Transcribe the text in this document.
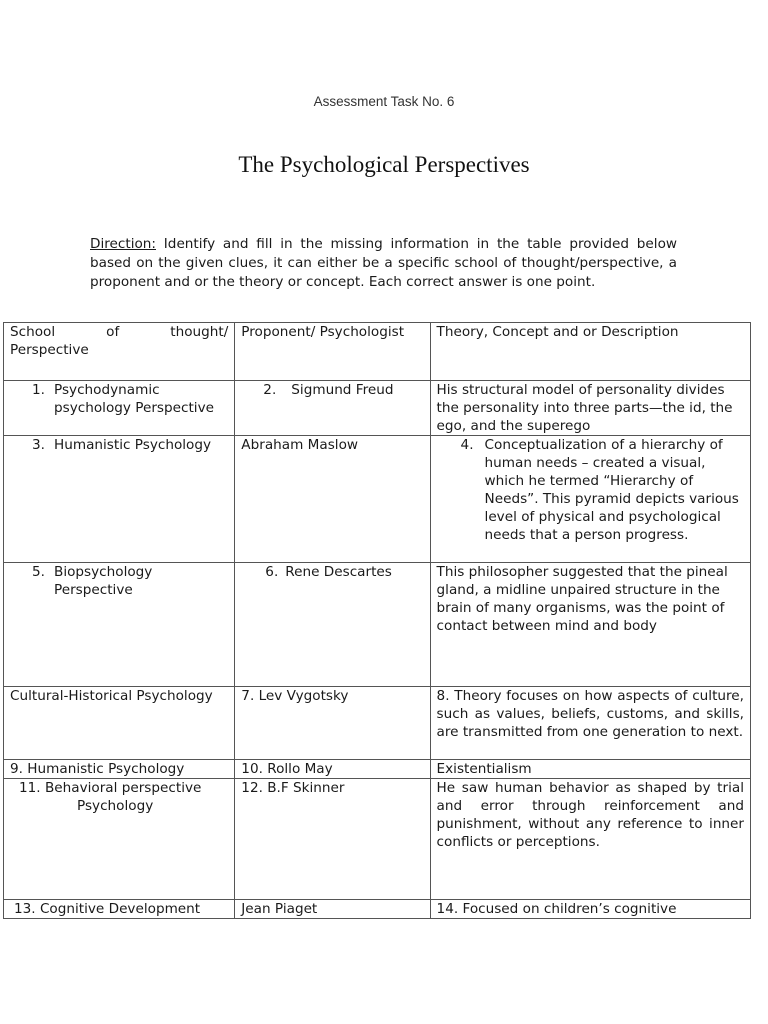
Assessment Task No. 6
The Psychological Perspectives

Direction: Identify and fill in the missing information in the table provided below based on the given clues, it can either be a specific school of thought/perspective, a proponent and or the theory or concept. Each correct answer is one point.

School of thought/
Perspective	Proponent/ Psychologist	Theory, Concept and or Description

1. Psychodynamic psychology Perspective	2. Sigmund Freud	His structural model of personality divides the personality into three parts—the id, the ego, and the superego

3. Humanistic Psychology	Abraham Maslow	4. Conceptualization of a hierarchy of human needs – created a visual, which he termed “Hierarchy of Needs”. This pyramid depicts various level of physical and psychological needs that a person progress.

5. Biopsychology Perspective	6. Rene Descartes	This philosopher suggested that the pineal gland, a midline unpaired structure in the brain of many organisms, was the point of contact between mind and body
Cultural-Historical Psychology	7. Lev Vygotsky	8. Theory focuses on how aspects of culture, such as values, beliefs, customs, and skills, are transmitted from one generation to next.
9. Humanistic Psychology	10. Rollo May	Existentialism

11. Behavioral perspective
Psychology	12. B.F Skinner	He saw human behavior as shaped by trial and error through reinforcement and punishment, without any reference to inner conflicts or perceptions.
13. Cognitive Development	Jean Piaget	14. Focused on children’s cognitive
